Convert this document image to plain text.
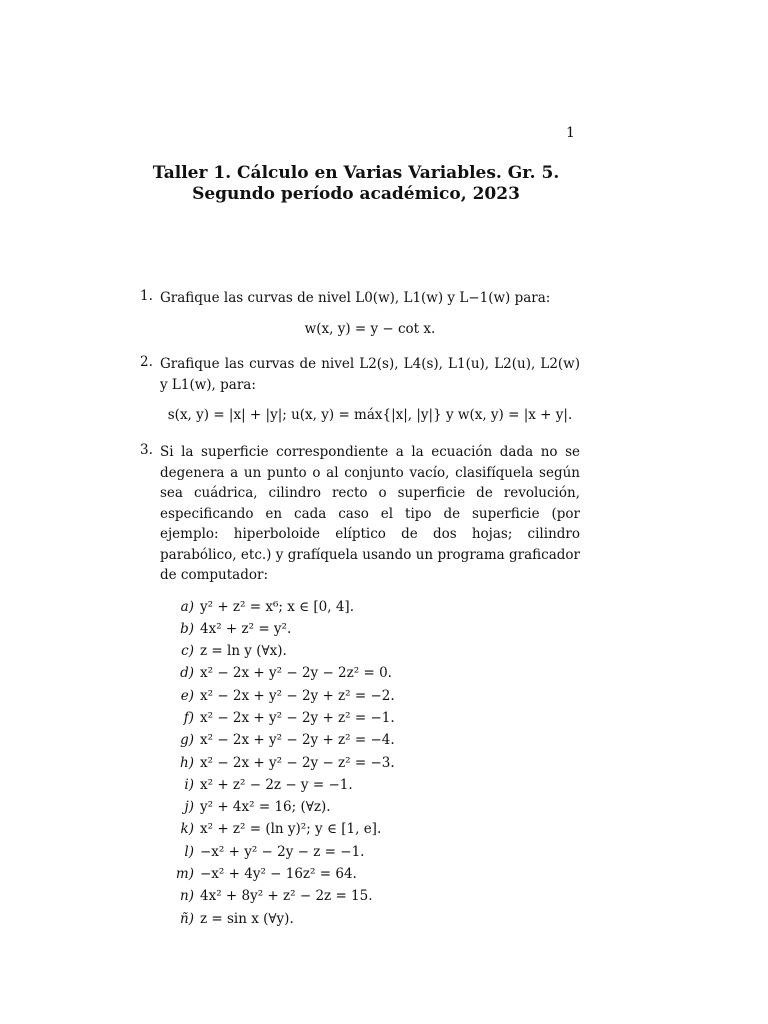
1
Taller 1. Cálculo en Varias Variables. Gr. 5.
Segundo período académico, 2023
1. Grafique las curvas de nivel L0(w), L1(w) y L−1(w) para:
w(x, y) = y − cot x.
2. Grafique las curvas de nivel L2(s), L4(s), L1(u), L2(u), L2(w) y L1(w), para:
s(x, y) = |x| + |y|; u(x, y) = máx{|x|, |y|} y w(x, y) = |x + y|.
3. Si la superficie correspondiente a la ecuación dada no se degenera a un punto o al conjunto vacío, clasifíquela según sea cuádrica, cilindro recto o superficie de revolución, especificando en cada caso el tipo de superficie (por ejemplo: hiperboloide elíptico de dos hojas; cilindro parabólico, etc.) y grafíquela usando un programa graficador de computador:
a) y² + z² = x⁶; x ∈ [0, 4].
b) 4x² + z² = y².
c) z = ln y (∀x).
d) x² − 2x + y² − 2y − 2z² = 0.
e) x² − 2x + y² − 2y + z² = −2.
f) x² − 2x + y² − 2y + z² = −1.
g) x² − 2x + y² − 2y + z² = −4.
h) x² − 2x + y² − 2y − z² = −3.
i) x² + z² − 2z − y = −1.
j) y² + 4x² = 16; (∀z).
k) x² + z² = (ln y)²; y ∈ [1, e].
l) −x² + y² − 2y − z = −1.
m) −x² + 4y² − 16z² = 64.
n) 4x² + 8y² + z² − 2z = 15.
ñ) z = sin x (∀y).
